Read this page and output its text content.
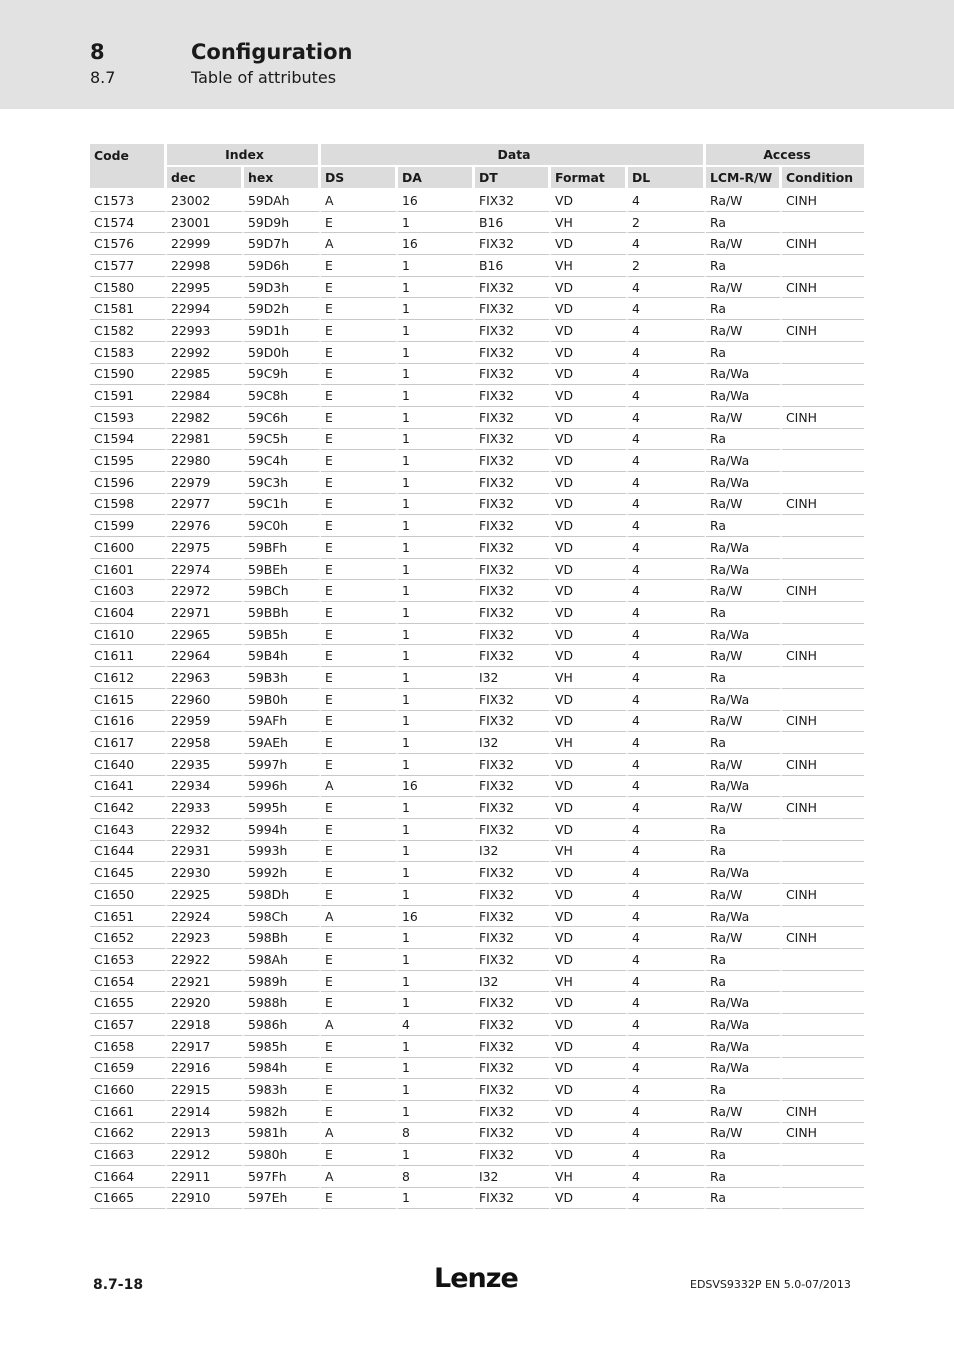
8	Configuration
8.7	Table of attributes
Code	Index		Data					Access	
	dec	hex	DS	DA	DT	Format	DL	LCM-R/W	Condition
C1573	23002	59DAh	A	16	FIX32	VD	4	Ra/W	CINH
C1574	23001	59D9h	E	1	B16	VH	2	Ra	
C1576	22999	59D7h	A	16	FIX32	VD	4	Ra/W	CINH
C1577	22998	59D6h	E	1	B16	VH	2	Ra	
C1580	22995	59D3h	E	1	FIX32	VD	4	Ra/W	CINH
C1581	22994	59D2h	E	1	FIX32	VD	4	Ra	
C1582	22993	59D1h	E	1	FIX32	VD	4	Ra/W	CINH
C1583	22992	59D0h	E	1	FIX32	VD	4	Ra	
C1590	22985	59C9h	E	1	FIX32	VD	4	Ra/Wa	
C1591	22984	59C8h	E	1	FIX32	VD	4	Ra/Wa	
C1593	22982	59C6h	E	1	FIX32	VD	4	Ra/W	CINH
C1594	22981	59C5h	E	1	FIX32	VD	4	Ra	
C1595	22980	59C4h	E	1	FIX32	VD	4	Ra/Wa	
C1596	22979	59C3h	E	1	FIX32	VD	4	Ra/Wa	
C1598	22977	59C1h	E	1	FIX32	VD	4	Ra/W	CINH
C1599	22976	59C0h	E	1	FIX32	VD	4	Ra	
C1600	22975	59BFh	E	1	FIX32	VD	4	Ra/Wa	
C1601	22974	59BEh	E	1	FIX32	VD	4	Ra/Wa	
C1603	22972	59BCh	E	1	FIX32	VD	4	Ra/W	CINH
C1604	22971	59BBh	E	1	FIX32	VD	4	Ra	
C1610	22965	59B5h	E	1	FIX32	VD	4	Ra/Wa	
C1611	22964	59B4h	E	1	FIX32	VD	4	Ra/W	CINH
C1612	22963	59B3h	E	1	I32	VH	4	Ra	
C1615	22960	59B0h	E	1	FIX32	VD	4	Ra/Wa	
C1616	22959	59AFh	E	1	FIX32	VD	4	Ra/W	CINH
C1617	22958	59AEh	E	1	I32	VH	4	Ra	
C1640	22935	5997h	E	1	FIX32	VD	4	Ra/W	CINH
C1641	22934	5996h	A	16	FIX32	VD	4	Ra/Wa	
C1642	22933	5995h	E	1	FIX32	VD	4	Ra/W	CINH
C1643	22932	5994h	E	1	FIX32	VD	4	Ra	
C1644	22931	5993h	E	1	I32	VH	4	Ra	
C1645	22930	5992h	E	1	FIX32	VD	4	Ra/Wa	
C1650	22925	598Dh	E	1	FIX32	VD	4	Ra/W	CINH
C1651	22924	598Ch	A	16	FIX32	VD	4	Ra/Wa	
C1652	22923	598Bh	E	1	FIX32	VD	4	Ra/W	CINH
C1653	22922	598Ah	E	1	FIX32	VD	4	Ra	
C1654	22921	5989h	E	1	I32	VH	4	Ra	
C1655	22920	5988h	E	1	FIX32	VD	4	Ra/Wa	
C1657	22918	5986h	A	4	FIX32	VD	4	Ra/Wa	
C1658	22917	5985h	E	1	FIX32	VD	4	Ra/Wa	
C1659	22916	5984h	E	1	FIX32	VD	4	Ra/Wa	
C1660	22915	5983h	E	1	FIX32	VD	4	Ra	
C1661	22914	5982h	E	1	FIX32	VD	4	Ra/W	CINH
C1662	22913	5981h	A	8	FIX32	VD	4	Ra/W	CINH
C1663	22912	5980h	E	1	FIX32	VD	4	Ra	
C1664	22911	597Fh	A	8	I32	VH	4	Ra	
C1665	22910	597Eh	E	1	FIX32	VD	4	Ra	
8.7-18	Lenze	EDSVS9332P EN 5.0-07/2013
